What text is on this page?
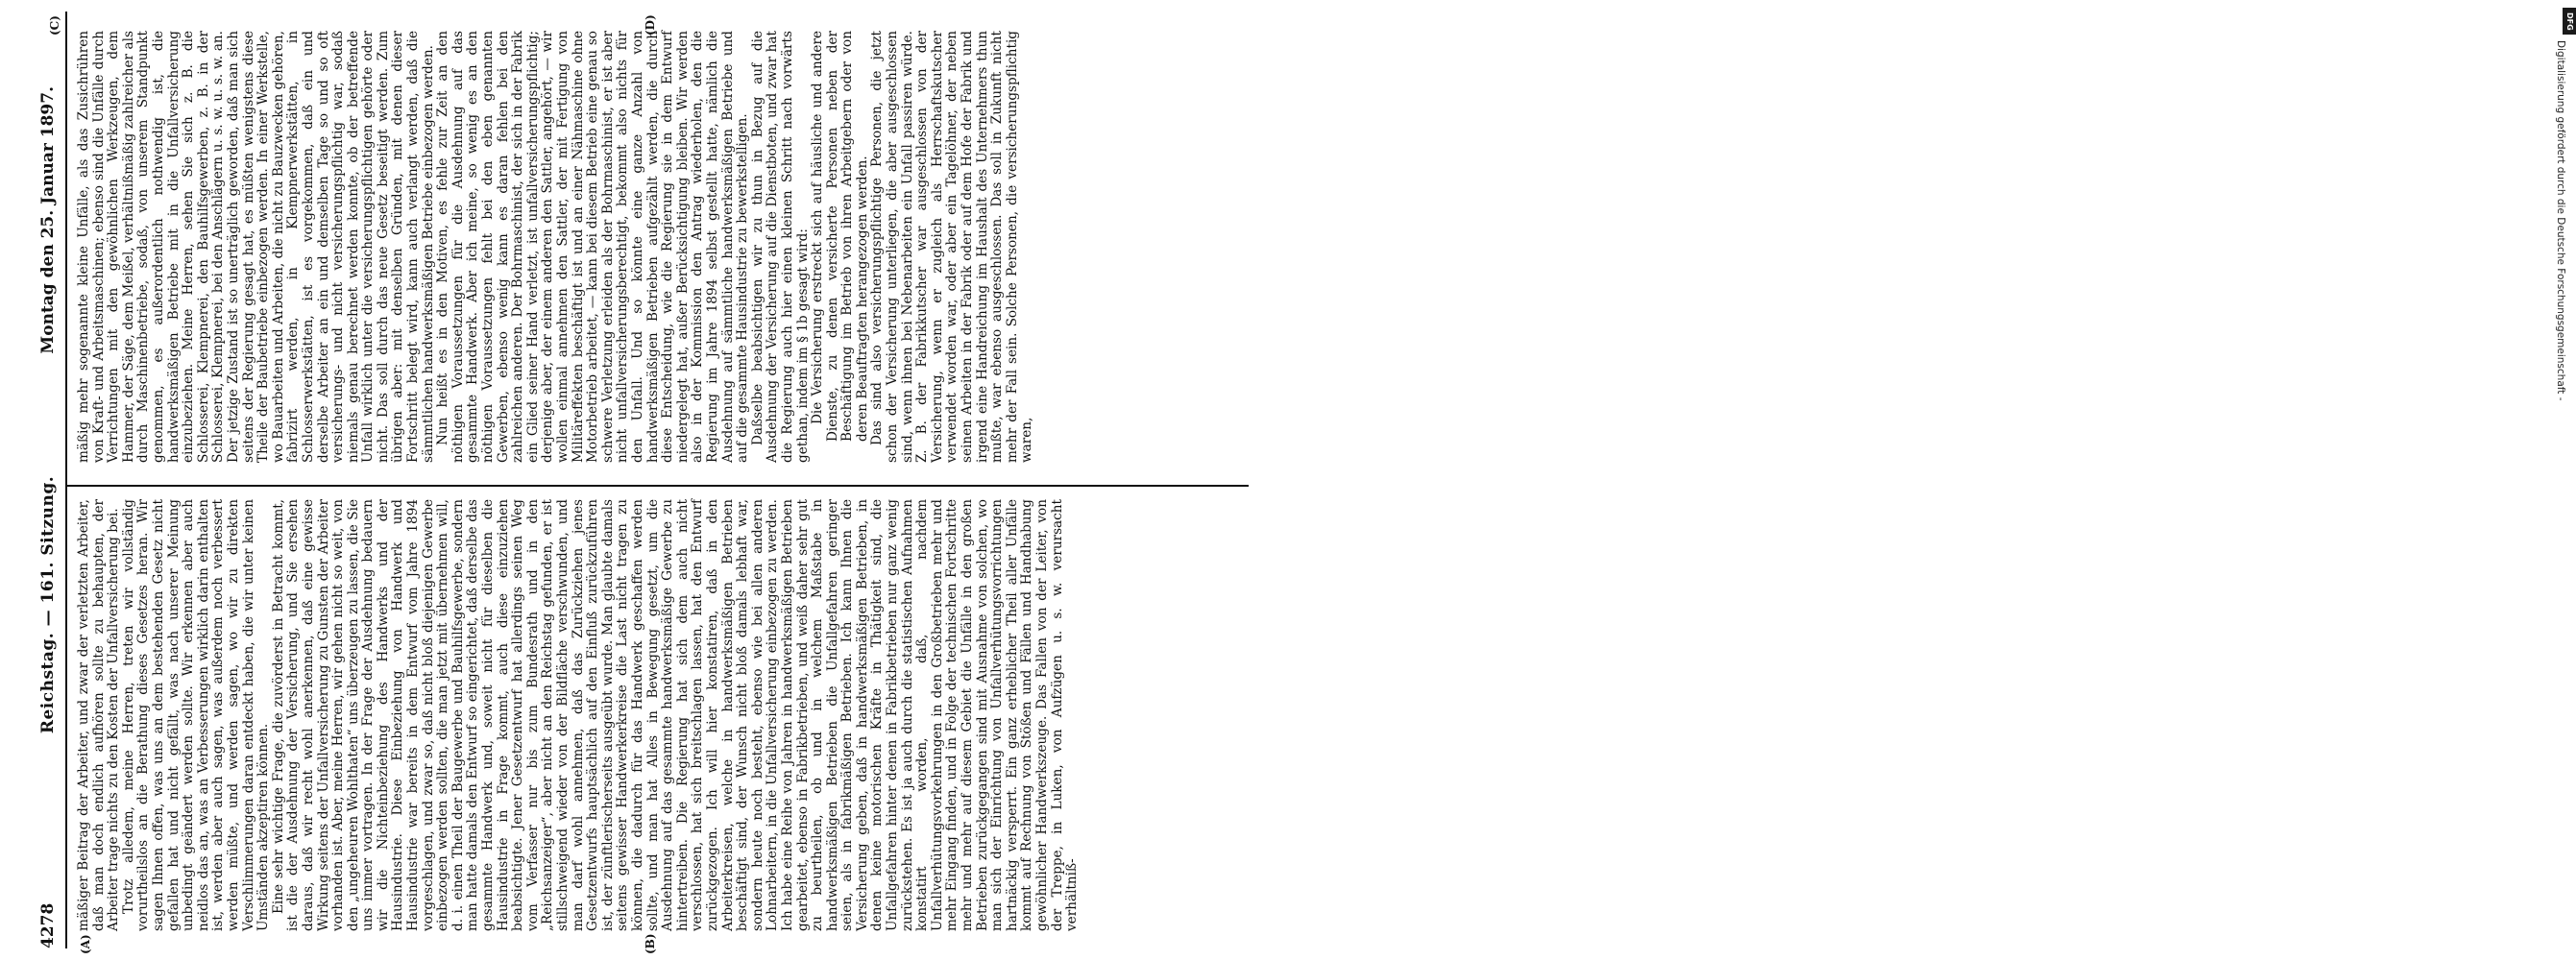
4278
Reichstag. — 161. Sitzung.
Montag den 25. Januar 1897.
(A)	(B)
(C)	(D)

mäßiger Beitrag der Arbeiter, und zwar der verletzten Arbeiter, daß man doch endlich aufhören sollte zu behaupten, der Arbeiter trage nichts zu den Kosten der Unfallversicherung bei. Trotz alledem, meine Herren, treten wir vollständig vorurtheilslos an die Berathung dieses Gesetzes heran. Wir sagen Ihnen offen, was uns an dem bestehenden Gesetz nicht gefallen hat und nicht gefällt, was nach unserer Meinung unbedingt geändert werden sollte. Wir erkennen aber auch neidlos das an, was an Verbesserungen wirklich darin enthalten ist, werden aber auch sagen, was außerdem noch verbessert werden müßte, und werden sagen, wo wir zu direkten Verschlimmerungen daran entdeckt haben, die wir unter keinen Umständen akzeptiren können. Eine sehr wichtige Frage, die zuvörderst in Betracht kommt, ist die der Ausdehnung der Versicherung, und Sie ersehen daraus, daß wir recht wohl anerkennen, daß eine gewisse Wirkung seitens der Unfallversicherung zu Gunsten der Arbeiter vorhanden ist. Aber, meine Herren, wir gehen nicht so weit, von den „ungeheuren Wohlthaten“ uns überzeugen zu lassen, die Sie uns immer vortragen. In der Frage der Ausdehnung bedauern wir die Nichteinbeziehung des Handwerks und der Hausindustrie. Diese Einbeziehung von Handwerk und Hausindustrie war bereits in dem Entwurf vom Jahre 1894 vorgeschlagen, und zwar so, daß nicht bloß diejenigen Gewerbe einbezogen werden sollten, die man jetzt mit übernehmen will, d. i. einen Theil der Baugewerbe und Bauhilfsgewerbe, sondern man hatte damals den Entwurf so eingerichtet, daß derselbe das gesammte Handwerk und, soweit nicht für dieselben die Hausindustrie in Frage kommt, auch diese einzuziehen beabsichtigte. Jener Gesetzentwurf hat allerdings seinen Weg vom Verfasser nur bis zum Bundesrath und in den „Reichsanzeiger“, aber nicht an den Reichstag gefunden, er ist stillschweigend wieder von der Bildfläche verschwunden, und man darf wohl annehmen, daß das Zurückziehen jenes Gesetzentwurfs hauptsächlich auf den Einfluß zurückzuführen ist, der zünftlerischerseits ausgeübt wurde. Man glaubte damals seitens gewisser Handwerkerkreise die Last nicht tragen zu können, die dadurch für das Handwerk geschaffen werden sollte, und man hat Alles in Bewegung gesetzt, um die Ausdehnung auf das gesammte handwerksmäßige Gewerbe zu hintertreiben. Die Regierung hat sich dem auch nicht verschlossen, hat sich breitschlagen lassen, hat den Entwurf zurückgezogen. Ich will hier konstatiren, daß in den Arbeiterkreisen, welche in handwerksmäßigen Betrieben beschäftigt sind, der Wunsch nicht bloß damals lebhaft war, sondern heute noch besteht, ebenso wie bei allen anderen Lohnarbeitern, in die Unfallversicherung einbezogen zu werden. Ich habe eine Reihe von Jahren in handwerksmäßigen Betrieben gearbeitet, ebenso in Fabrikbetrieben, und weiß daher sehr gut zu beurtheilen, ob und in welchem Maßstabe in handwerksmäßigen Betrieben die Unfallgefahren geringer seien, als in fabrikmäßigen Betrieben. Ich kann Ihnen die Versicherung geben, daß in handwerksmäßigen Betrieben, in denen keine motorischen Kräfte in Thätigkeit sind, die Unfallgefahren hinter denen in Fabrikbetrieben nur ganz wenig zurückstehen. Es ist ja auch durch die statistischen Aufnahmen konstatirt worden, daß, nachdem Unfallverhütungsvorkehrungen in den Großbetrieben mehr und mehr Eingang finden, und in Folge der technischen Fortschritte mehr und mehr auf diesem Gebiet die Unfälle in den großen Betrieben zurückgegangen sind mit Ausnahme von solchen, wo man sich der Einrichtung von Unfallverhütungsvorrichtungen hartnäckig versperrt. Ein ganz erheblicher Theil aller Unfälle kommt auf Rechnung von Stößen und Fällen und Handhabung gewöhnlicher Handwerkszeuge. Das Fallen von der Leiter, von der Treppe, in Luken, von Aufzügen u. s. w. verursacht verhältniß-

mäßig mehr sogenannte kleine Unfälle, als das Zusichrühren von Kraft- und Arbeitsmaschinen; ebenso sind die Unfälle durch Verrichtungen mit den gewöhnlichen Werkzeugen, dem Hammer, der Säge, dem Meißel, verhältnißmäßig zahlreicher als durch Maschinenbetriebe, sodaß, von unserem Standpunkt genommen, es außerordentlich nothwendig ist, die handwerksmäßigen Betriebe mit in die Unfallversicherung einzubeziehen. Meine Herren, sehen Sie sich z. B. die Schlosserei, Klempnerei, den Bauhilfsgewerben, z. B. in der Schlosserei, Klempnerei, bei den Anschlägern u. s. w. u. s. w. an. Der jetzige Zustand ist so unerträglich geworden, daß man sich seitens der Regierung gesagt hat, es müßten wenigstens diese Theile der Baubetriebe einbezogen werden. In einer Werkstelle, wo Bauarbeiten und Arbeiten, die nicht zu Bauzwecken gehören, fabrizirt werden, in Klempnerwerkstätten, in Schlosserwerkstätten, ist es vorgekommen, daß ein und derselbe Arbeiter an ein und demselben Tage so und so oft versicherungs- und nicht versicherungspflichtig war, sodaß niemals genau berechnet werden konnte, ob der betreffende Unfall wirklich unter die versicherungspflichtigen gehörte oder nicht. Das soll durch das neue Gesetz beseitigt werden. Zum übrigen aber: mit denselben Gründen, mit denen dieser Fortschritt belegt wird, kann auch verlangt werden, daß die sämmtlichen handwerksmäßigen Betriebe einbezogen werden. Nun heißt es in den Motiven, es fehle zur Zeit an den nöthigen Voraussetzungen für die Ausdehnung auf das gesammte Handwerk. Aber ich meine, so wenig es an den nöthigen Voraussetzungen fehlt bei den eben genannten Gewerben, ebenso wenig kann es daran fehlen bei den zahlreichen anderen. Der Bohrmaschinist, der sich in der Fabrik ein Glied seiner Hand verletzt, ist unfallversicherungspflichtig; derjenige aber, der einem anderen den Sattler, angehört, — wir wollen einmal annehmen den Sattler, der mit Fertigung von Militäreffekten beschäftigt ist und an einer Nähmaschine ohne Motorbetrieb arbeitet, — kann bei diesem Betrieb eine genau so schwere Verletzung erleiden als der Bohrmaschinist, er ist aber nicht unfallversicherungsberechtigt, bekommt also nichts für den Unfall. Und so könnte eine ganze Anzahl von handwerksmäßigen Betrieben aufgezählt werden, die durch diese Entscheidung, wie die Regierung sie in dem Entwurf niedergelegt hat, außer Berücksichtigung bleiben. Wir werden also in der Kommission den Antrag wiederholen, den die Regierung im Jahre 1894 selbst gestellt hatte, nämlich die Ausdehnung auf sämmtliche handwerksmäßigen Betriebe und auf die gesammte Hausindustrie zu bewerkstelligen. Daßselbe beabsichtigen wir zu thun in Bezug auf die Ausdehnung der Versicherung auf die Dienstboten, und zwar hat die Regierung auch hier einen kleinen Schritt nach vorwärts gethan, indem im § 1b gesagt wird: Die Versicherung erstreckt sich auf häusliche und andere Dienste, zu denen versicherte Personen neben der Beschäftigung im Betrieb von ihren Arbeitgebern oder von deren Beauftragten herangezogen werden. Das sind also versicherungspflichtige Personen, die jetzt schon der Versicherung unterliegen, die aber ausgeschlossen sind, wenn ihnen bei Nebenarbeiten ein Unfall passiren würde. Z. B. der Fabrikkutscher war ausgeschlossen von der Versicherung, wenn er zugleich als Herrschaftskutscher verwendet worden war, oder aber ein Tagelöhner, der neben seinen Arbeiten in der Fabrik oder auf dem Hofe der Fabrik und irgend eine Handreichung im Haushalt des Unternehmers thun mußte, war ebenso ausgeschlossen. Das soll in Zukunft nicht mehr der Fall sein. Solche Personen, die versicherungspflichtig waren,

DFG
Digitalisierung gefördert durch die Deutsche Forschungsgemeinschaft -
